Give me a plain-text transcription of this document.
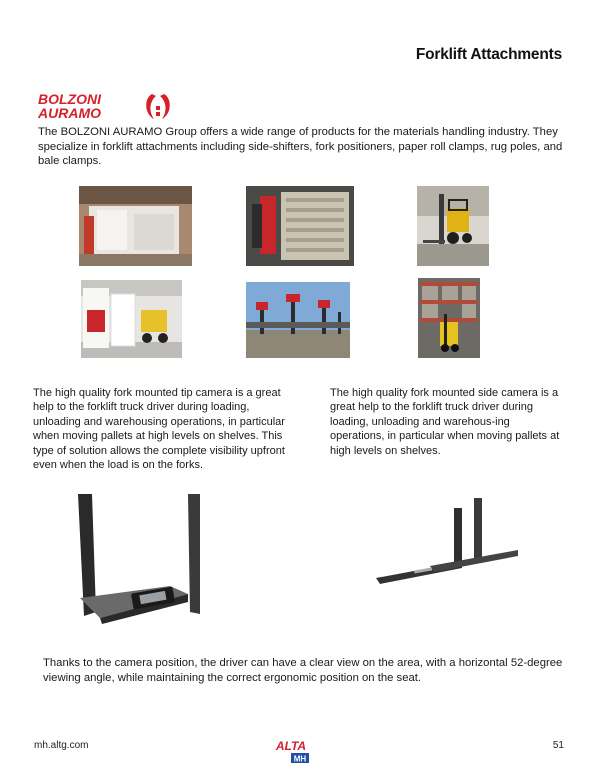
Forklift Attachments
BOLZONI
AURAMO
The BOLZONI AURAMO Group offers a wide range of products for the materials handling industry. They specialize in forklift attachments including side-shifters, fork positioners, paper roll clamps, rug poles, and bale clamps.
The high quality fork mounted tip camera is a great help to the forklift truck driver during loading, unloading and warehousing operations, in particular when moving pallets at high levels on shelves. This type of solution allows the complete visibility upfront even when the load is on the forks.
The high quality fork mounted side camera is a great help to the forklift truck driver during loading, unloading and warehous-ing operations, in particular when moving pallets at high levels on shelves.
Thanks to the camera position, the driver can have a clear view on the area, with a horizontal 52-degree viewing angle, while maintaining the correct ergonomic position on the seat.
mh.altg.com	ALTA
MH
51
